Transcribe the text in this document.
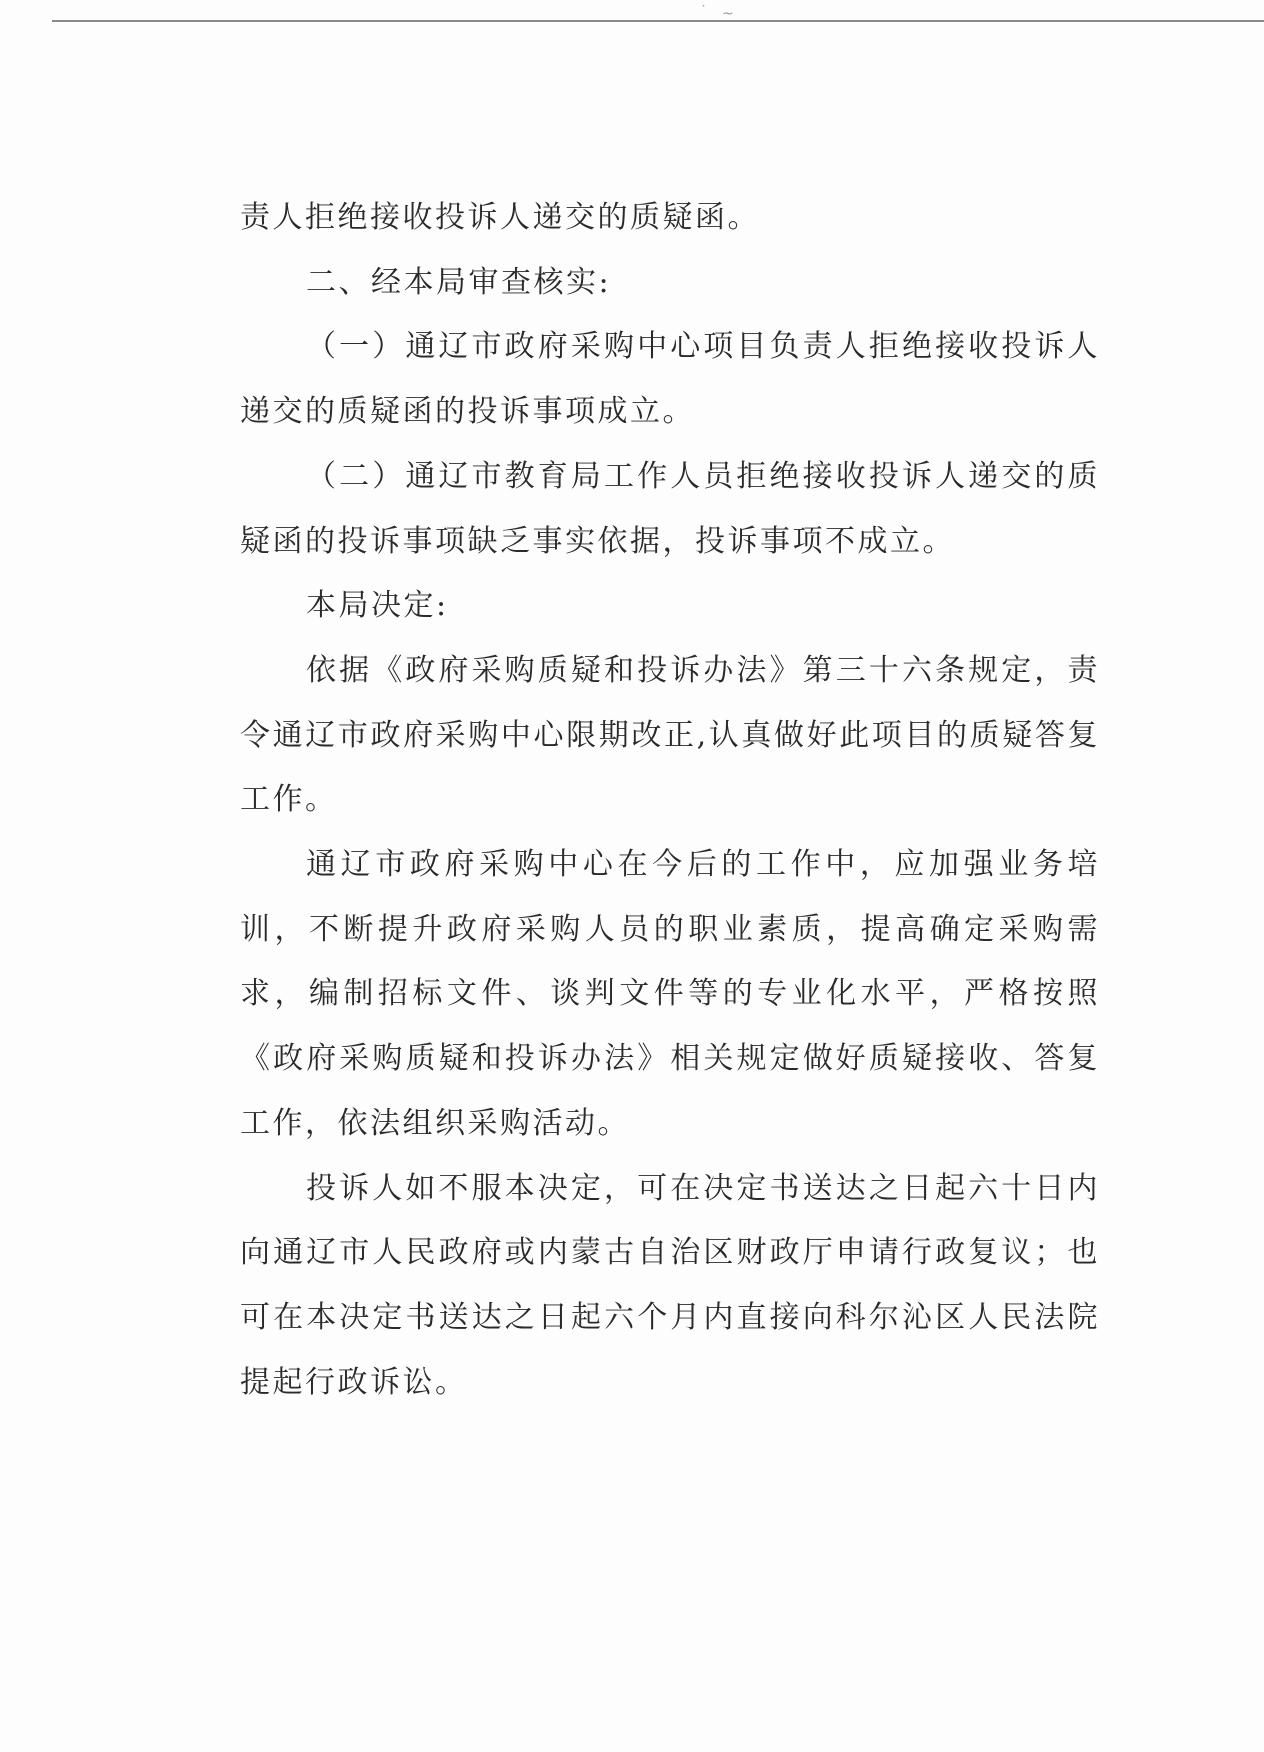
˙ ~

责人拒绝接收投诉人递交的质疑函。

二、经本局审查核实:

（一）通辽市政府采购中心项目负责人拒绝接收投诉人递交的质疑函的投诉事项成立。

（二）通辽市教育局工作人员拒绝接收投诉人递交的质疑函的投诉事项缺乏事实依据，投诉事项不成立。

本局决定:

依据《政府采购质疑和投诉办法》第三十六条规定，责令通辽市政府采购中心限期改正,认真做好此项目的质疑答复工作。

通辽市政府采购中心在今后的工作中，应加强业务培训，不断提升政府采购人员的职业素质，提高确定采购需求，编制招标文件、谈判文件等的专业化水平，严格按照《政府采购质疑和投诉办法》相关规定做好质疑接收、答复工作，依法组织采购活动。

投诉人如不服本决定，可在决定书送达之日起六十日内向通辽市人民政府或内蒙古自治区财政厅申请行政复议；也可在本决定书送达之日起六个月内直接向科尔沁区人民法院提起行政诉讼。
